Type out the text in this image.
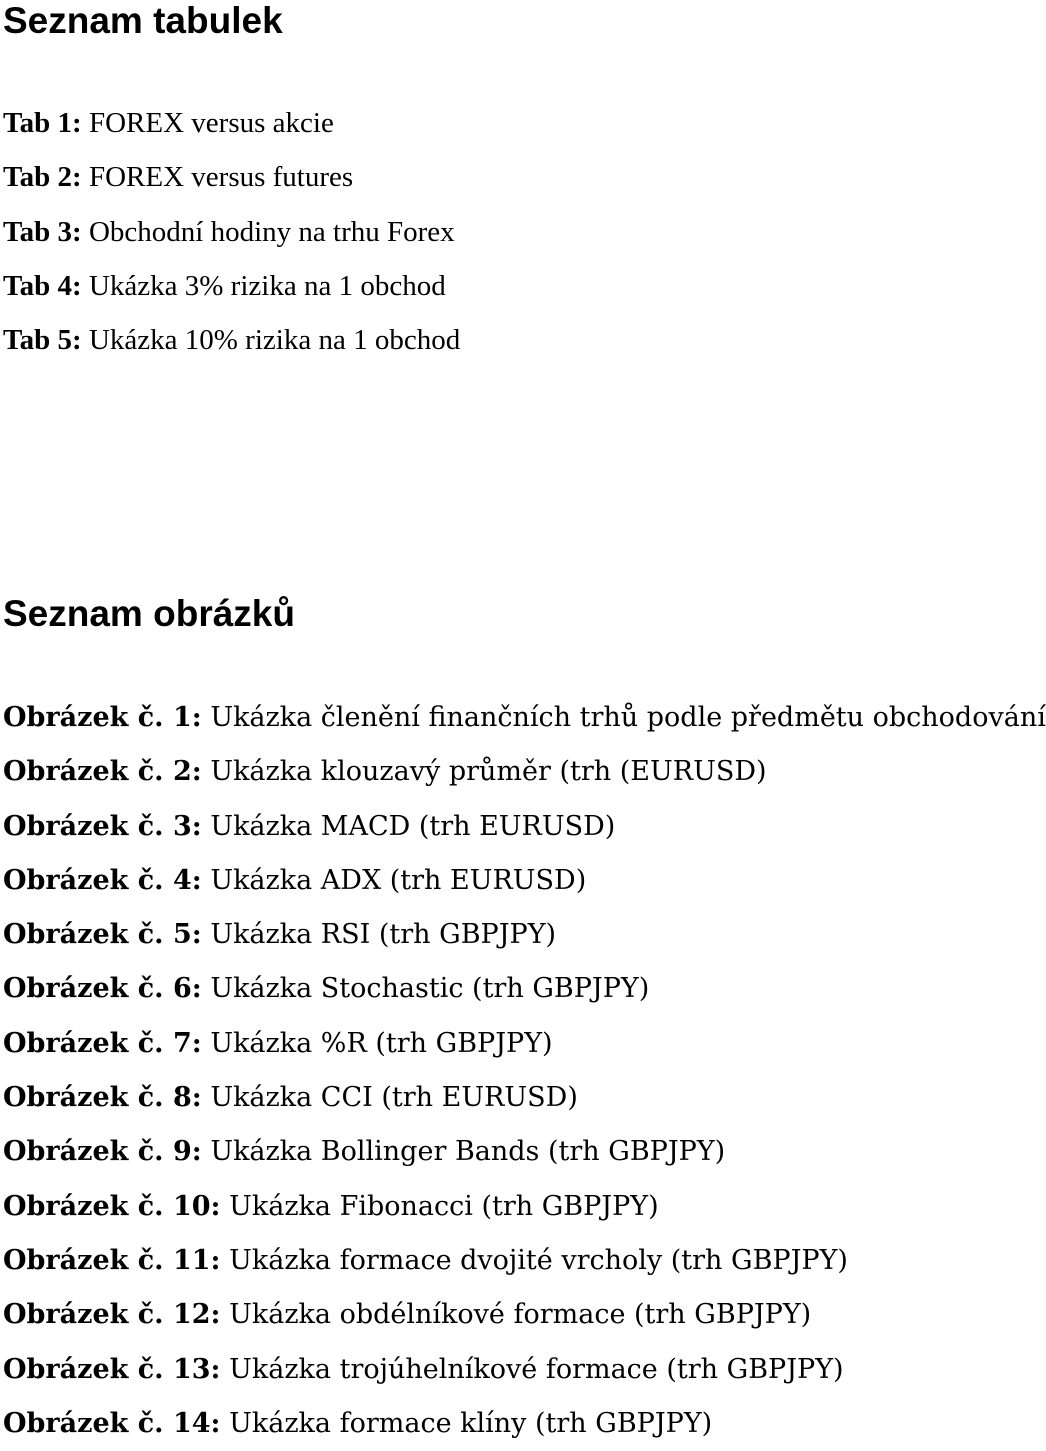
Seznam tabulek
Tab 1: FOREX versus akcie
Tab 2: FOREX versus futures
Tab 3: Obchodní hodiny na trhu Forex
Tab 4: Ukázka 3% rizika na 1 obchod
Tab 5: Ukázka 10% rizika na 1 obchod
Seznam obrázků
Obrázek č. 1: Ukázka členění finančních trhů podle předmětu obchodování
Obrázek č. 2: Ukázka klouzavý průměr (trh (EURUSD)
Obrázek č. 3: Ukázka MACD (trh EURUSD)
Obrázek č. 4: Ukázka ADX (trh EURUSD)
Obrázek č. 5: Ukázka RSI (trh GBPJPY)
Obrázek č. 6: Ukázka Stochastic (trh GBPJPY)
Obrázek č. 7: Ukázka %R (trh GBPJPY)
Obrázek č. 8: Ukázka CCI (trh EURUSD)
Obrázek č. 9: Ukázka Bollinger Bands (trh GBPJPY)
Obrázek č. 10: Ukázka Fibonacci (trh GBPJPY)
Obrázek č. 11: Ukázka formace dvojité vrcholy (trh GBPJPY)
Obrázek č. 12: Ukázka obdélníkové formace (trh GBPJPY)
Obrázek č. 13: Ukázka trojúhelníkové formace (trh GBPJPY)
Obrázek č. 14: Ukázka formace klíny (trh GBPJPY)
